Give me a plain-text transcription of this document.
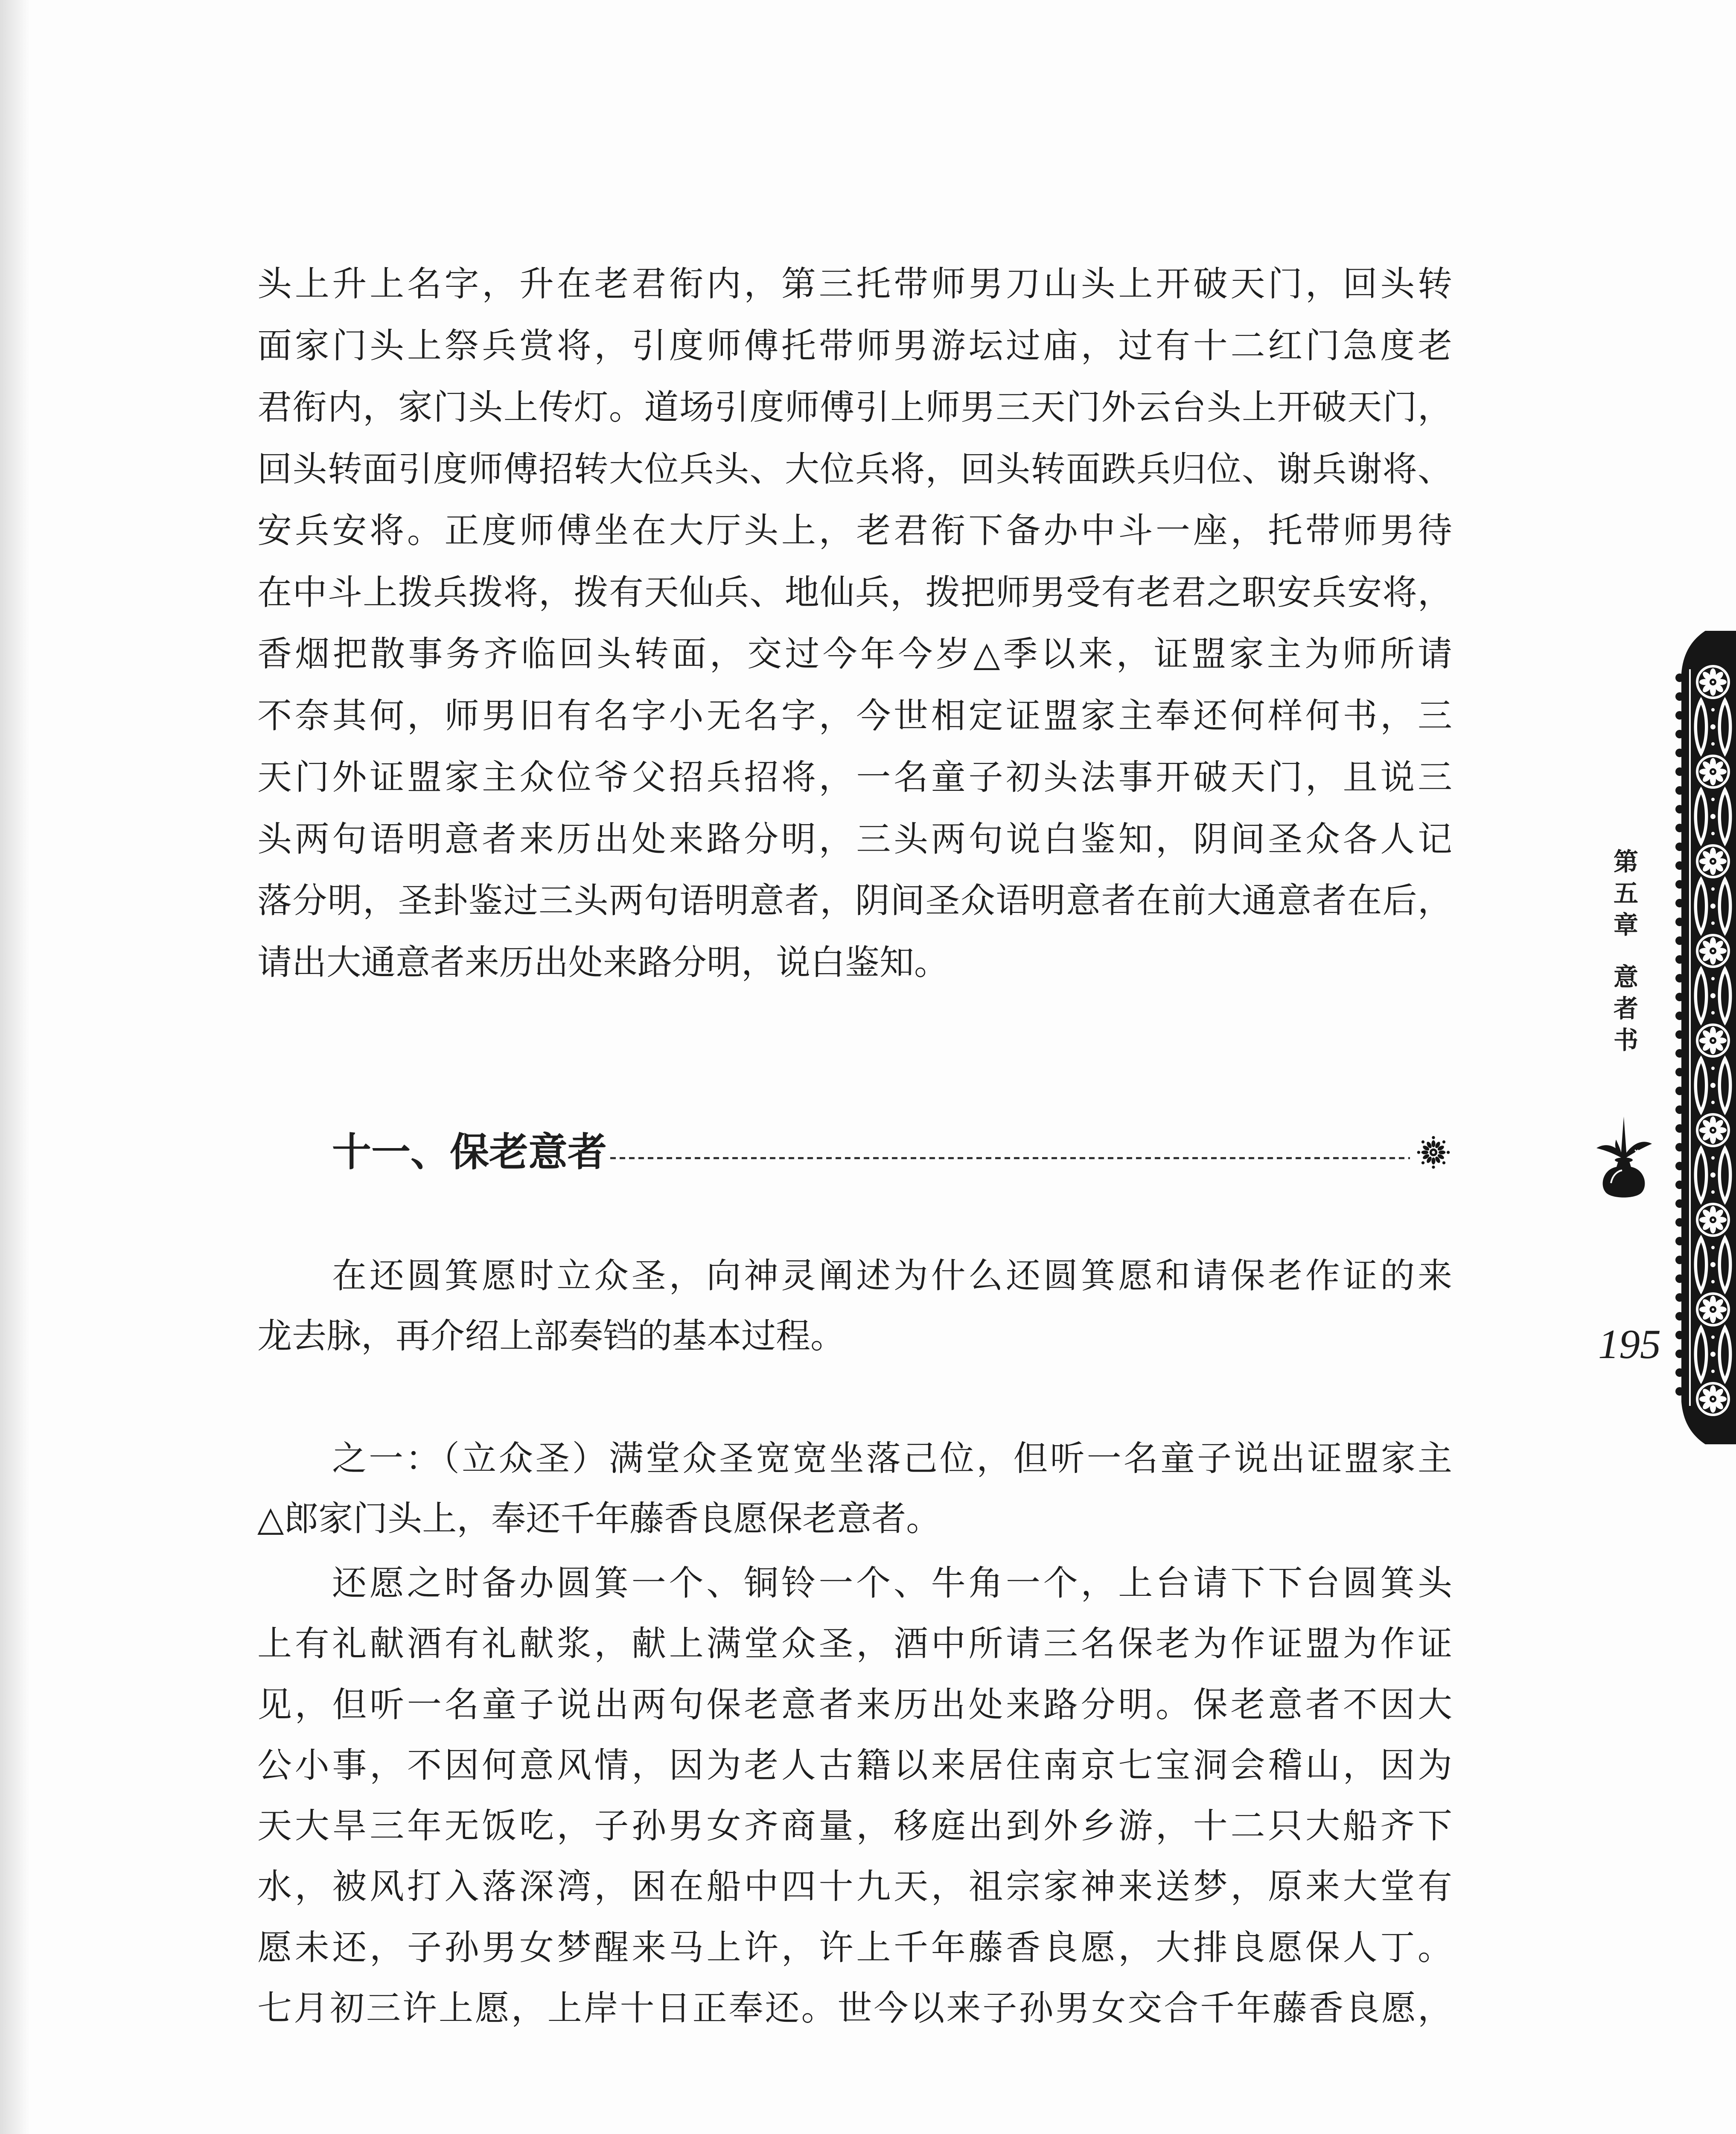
头上升上名字，升在老君衔内，第三托带师男刀山头上开破天门，回头转
面家门头上祭兵赏将，引度师傅托带师男游坛过庙，过有十二红门急度老
君衔内，家门头上传灯。道场引度师傅引上师男三天门外云台头上开破天门，
回头转面引度师傅招转大位兵头、大位兵将，回头转面跌兵归位、谢兵谢将、
安兵安将。正度师傅坐在大厅头上，老君衔下备办中斗一座，托带师男待
在中斗上拨兵拨将，拨有天仙兵、地仙兵，拨把师男受有老君之职安兵安将，
香烟把散事务齐临回头转面，交过今年今岁△季以来，证盟家主为师所请
不奈其何，师男旧有名字小无名字，今世相定证盟家主奉还何样何书，三
天门外证盟家主众位爷父招兵招将，一名童子初头法事开破天门，且说三
头两句语明意者来历出处来路分明，三头两句说白鉴知，阴间圣众各人记
落分明，圣卦鉴过三头两句语明意者，阴间圣众语明意者在前大通意者在后，
请出大通意者来历出处来路分明，说白鉴知。
十一、保老意者
在还圆箕愿时立众圣，向神灵阐述为什么还圆箕愿和请保老作证的来
龙去脉，再介绍上部奏铛的基本过程。
之一：（立众圣）满堂众圣宽宽坐落己位，但听一名童子说出证盟家主
△郎家门头上，奉还千年藤香良愿保老意者。
还愿之时备办圆箕一个、铜铃一个、牛角一个，上台请下下台圆箕头
上有礼献酒有礼献浆，献上满堂众圣，酒中所请三名保老为作证盟为作证
见，但听一名童子说出两句保老意者来历出处来路分明。保老意者不因大
公小事，不因何意风情，因为老人古籍以来居住南京七宝洞会稽山，因为
天大旱三年无饭吃，子孙男女齐商量，移庭出到外乡游，十二只大船齐下
水，被风打入落深湾，困在船中四十九天，祖宗家神来送梦，原来大堂有
愿未还，子孙男女梦醒来马上许，许上千年藤香良愿，大排良愿保人丁。
七月初三许上愿，上岸十日正奉还。世今以来子孙男女交合千年藤香良愿，
第五章
意者书
195
